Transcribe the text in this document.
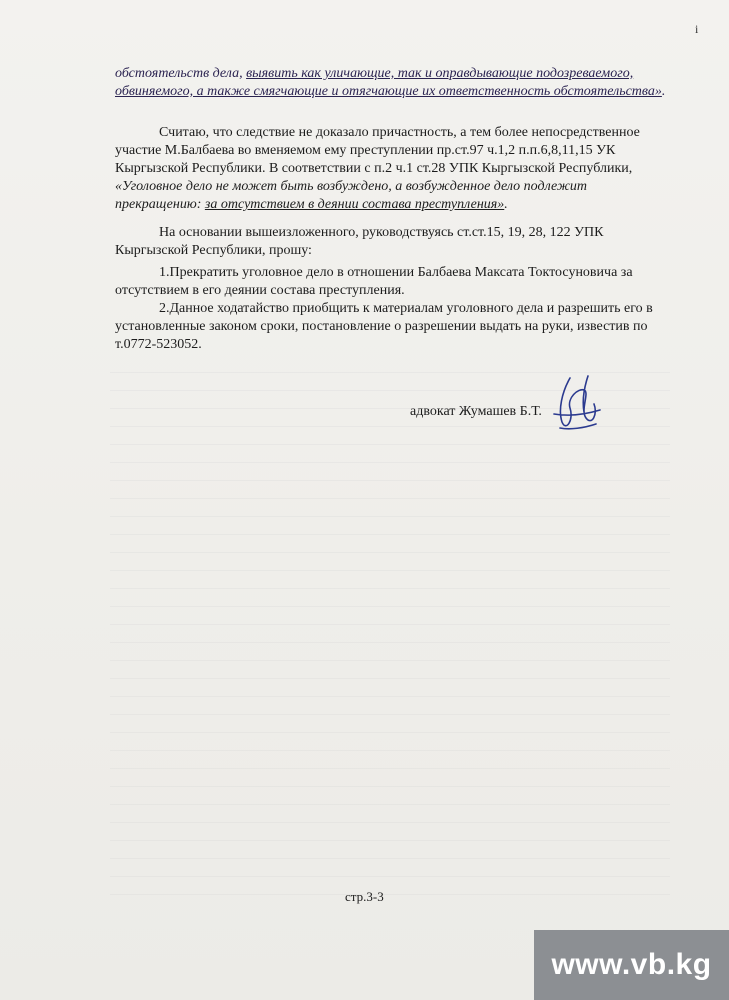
i

обстоятельств дела, выявить как уличающие, так и оправдывающие подозреваемого, обвиняемого, а также смягчающие и отягчающие их ответственность обстоятельства».

Считаю, что следствие не доказало причастность, а тем более непосредственное участие М.Балбаева во вменяемом ему преступлении пр.ст.97 ч.1,2 п.п.6,8,11,15 УК Кыргызской Республики. В соответствии с п.2 ч.1 ст.28 УПК Кыргызской Республики, «Уголовное дело не может быть возбуждено, а возбужденное дело подлежит прекращению: за отсутствием в деянии состава преступления».

На основании вышеизложенного, руководствуясь ст.ст.15, 19, 28, 122 УПК Кыргызской Республики, прошу:

1.Прекратить уголовное дело в отношении Балбаева Максата Токтосуновича за отсутствием в его деянии состава преступления.

2.Данное ходатайство приобщить к материалам уголовного дела и разрешить его в установленные законом сроки, постановление о разрешении выдать на руки, известив по т.0772-523052.

адвокат Жумашев Б.Т.
стр.3-3
www.vb.kg
